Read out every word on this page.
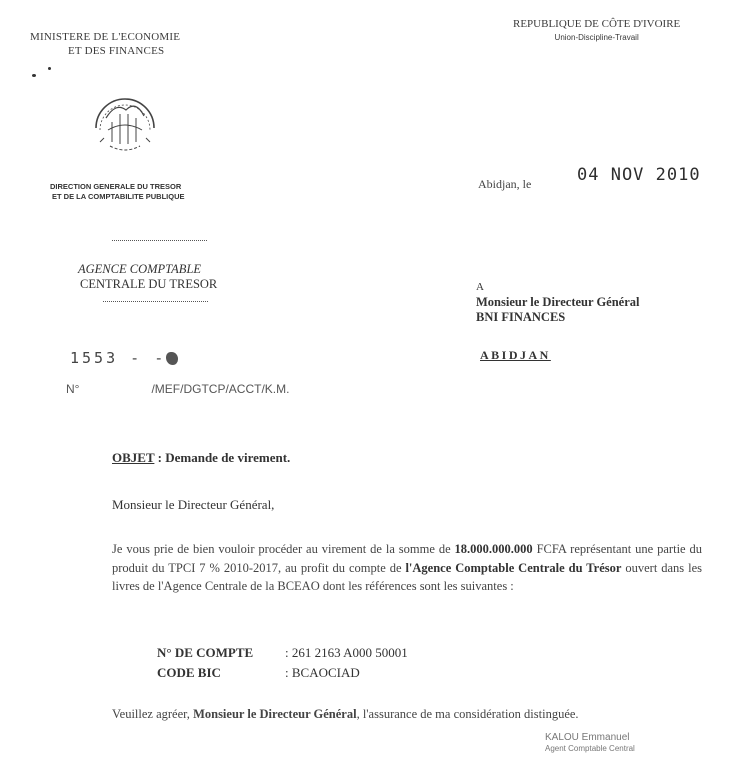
MINISTERE DE L'ECONOMIE
ET DES FINANCES
REPUBLIQUE DE CÔTE D'IVOIRE
Union-Discipline-Travail
DIRECTION GENERALE DU TRESOR
ET DE LA COMPTABILITE PUBLIQUE
AGENCE COMPTABLE
CENTRALE DU TRESOR
Abidjan, le	04 NOV 2010
A
Monsieur le Directeur Général
BNI FINANCES
ABIDJAN
1553 - -
N°	/MEF/DGTCP/ACCT/K.M.
OBJET : Demande de virement.
Monsieur le Directeur Général,
Je vous prie de bien vouloir procéder au virement de la somme de 18.000.000.000 FCFA représentant une partie du produit du TPCI 7 % 2010-2017, au profit du compte de l'Agence Comptable Centrale du Trésor ouvert dans les livres de l'Agence Centrale de la BCEAO dont les références sont les suivantes :
N° DE COMPTE : 261 2163 A000 50001
CODE BIC	: BCAOCIAD
Veuillez agréer, Monsieur le Directeur Général, l'assurance de ma considération distinguée.
KALOU Emmanuel
Agent Comptable Central
